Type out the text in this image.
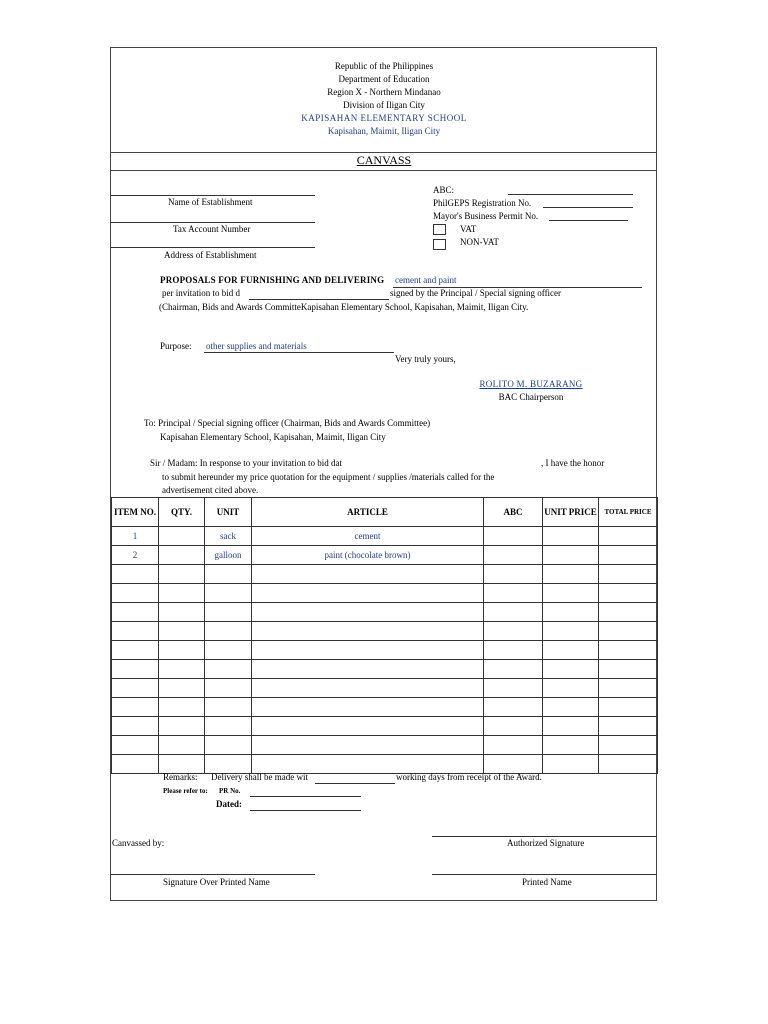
Republic of the Philippines
Department of Education
Region X - Northern Mindanao
Division of Iligan City
KAPISAHAN ELEMENTARY SCHOOL
Kapisahan, Maimit, Iligan City
CANVASS
Name of Establishment
Tax Account Number
Address of Establishment
ABC:
PhilGEPS Registration No.
Mayor's Business Permit No.
VAT
NON-VAT
PROPOSALS FOR FURNISHING AND DELIVERING cement and paint
per invitation to bid d	signed by the Principal / Special signing officer
(Chairman, Bids and Awards CommitteKapisahan Elementary School, Kapisahan, Maimit, Iligan City.
Purpose: other supplies and materials
Very truly yours,
ROLITO M. BUZARANG
BAC Chairperson
To: Principal / Special signing officer (Chairman, Bids and Awards Committee)
Kapisahan Elementary School, Kapisahan, Maimit, Iligan City
Sir / Madam: In response to your invitation to bid dat	, I have the honor
to submit hereunder my price quotation for the equipment / supplies /materials called for the
advertisement cited above.
ITEM NO.	QTY.	UNIT	ARTICLE	ABC	UNIT PRICE	TOTAL PRICE
1		sack	cement			
2		galloon	paint (chocolate brown)			

Remarks: Delivery shall be made wit	working days from receipt of the Award.
Please refer to: PR No.
Dated:
Canvassed by:	Authorized Signature
Signature Over Printed Name	Printed Name
